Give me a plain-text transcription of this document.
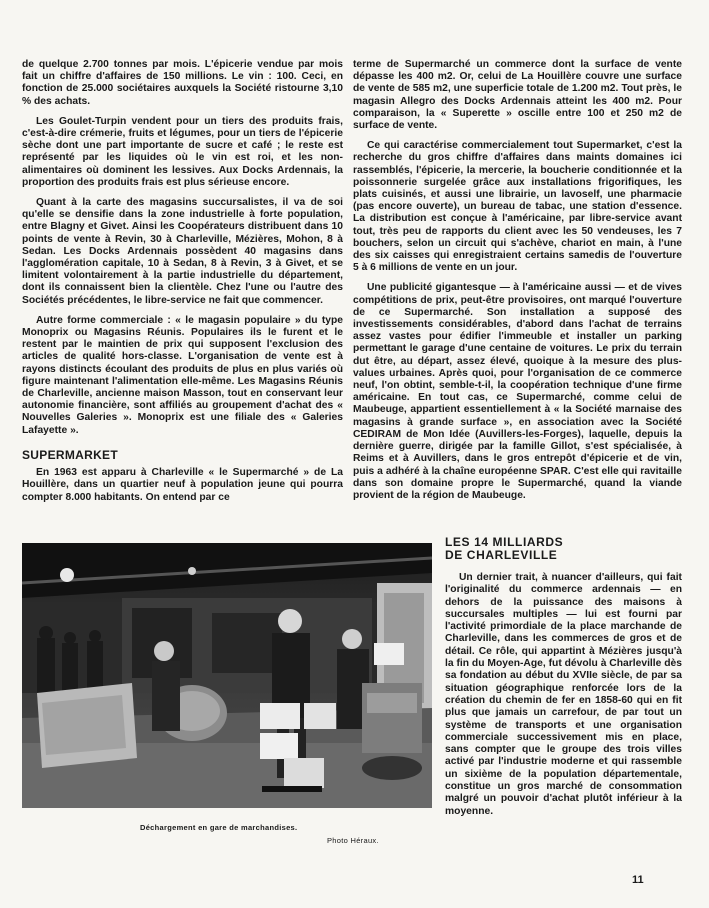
de quelque 2.700 tonnes par mois. L'épicerie vendue par mois fait un chiffre d'affaires de 150 millions. Le vin : 100. Ceci, en fonction de 25.000 sociétaires auxquels la Société ristourne 3,10 % des achats.

Les Goulet-Turpin vendent pour un tiers des produits frais, c'est-à-dire crémerie, fruits et légumes, pour un tiers de l'épicerie sèche dont une part importante de sucre et café ; le reste est représenté par les liquides où le vin est roi, et les non-alimentaires où dominent les lessives. Aux Docks Ardennais, la proportion des produits frais est plus sérieuse encore.

Quant à la carte des magasins succursalistes, il va de soi qu'elle se densifie dans la zone industrielle à forte population, entre Blagny et Givet. Ainsi les Coopérateurs distribuent dans 10 points de vente à Revin, 30 à Charleville, Mézières, Mohon, 8 à Sedan. Les Docks Ardennais possèdent 40 magasins dans l'agglomération capitale, 10 à Sedan, 8 à Revin, 3 à Givet, et se limitent volontairement à la partie industrielle du département, dont ils connaissent bien la clientèle. Chez l'une ou l'autre des Sociétés précédentes, le libre-service ne fait que commencer.

Autre forme commerciale : « le magasin populaire » du type Monoprix ou Magasins Réunis. Populaires ils le furent et le restent par le maintien de prix qui supposent l'exclusion des articles de qualité hors-classe. L'organisation de vente est à rayons distincts écoulant des produits de plus en plus variés où figure maintenant l'alimentation elle-même. Les Magasins Réunis de Charleville, ancienne maison Masson, tout en conservant leur autonomie financière, sont affiliés au groupement d'achat des « Nouvelles Galeries ». Monoprix est une filiale des « Galeries Lafayette ».

SUPERMARKET

En 1963 est apparu à Charleville « le Supermarché » de La Houillère, dans un quartier neuf à population jeune qui pourra compter 8.000 habitants. On entend par ce

terme de Supermarché un commerce dont la surface de vente dépasse les 400 m2. Or, celui de La Houillère couvre une surface de vente de 585 m2, une superficie totale de 1.200 m2. Tout près, le magasin Allegro des Docks Ardennais atteint les 400 m2. Pour comparaison, la « Superette » oscille entre 100 et 250 m2 de surface de vente.

Ce qui caractérise commercialement tout Supermarket, c'est la recherche du gros chiffre d'affaires dans maints domaines ici rassemblés, l'épicerie, la mercerie, la boucherie conditionnée et la poissonnerie surgelée grâce aux installations frigorifiques, les plats cuisinés, et aussi une librairie, un lavoself, une pharmacie (pas encore ouverte), un bureau de tabac, une station d'essence. La distribution est conçue à l'américaine, par libre-service avant tout, très peu de rapports du client avec les 50 vendeuses, les 7 bouchers, selon un circuit qui s'achève, chariot en main, à l'une des six caisses qui enregistraient certains samedis de l'ouverture 5 à 6 millions de vente en un jour.

Une publicité gigantesque — à l'américaine aussi — et de vives compétitions de prix, peut-être provisoires, ont marqué l'ouverture de ce Supermarché. Son installation a supposé des investissements considérables, d'abord dans l'achat de terrains assez vastes pour édifier l'immeuble et installer un parking permettant le garage d'une centaine de voitures. Le prix du terrain dut être, au départ, assez élevé, quoique à la mesure des plus-values urbaines. Après quoi, pour l'organisation de ce commerce neuf, l'on obtint, semble-t-il, la coopération technique d'une firme américaine. En tout cas, ce Supermarché, comme celui de Maubeuge, appartient essentiellement à « la Société marnaise des magasins à grande surface », en association avec la Société CEDIRAM de Mon Idée (Auvillers-les-Forges), laquelle, depuis la dernière guerre, dirigée par la famille Gillot, s'est spécialisée, à Reims et à Auvillers, dans le gros entrepôt d'épicerie et de vin, puis a adhéré à la chaîne européenne SPAR. C'est elle qui ravitaille dans son domaine propre le Supermarché, quand la viande provient de la région de Maubeuge.

Déchargement en gare de marchandises.
Photo Héraux.
LES 14 MILLIARDS
DE CHARLEVILLE

Un dernier trait, à nuancer d'ailleurs, qui fait l'originalité du commerce ardennais — en dehors de la puissance des maisons à succursales multiples — lui est fourni par l'activité primordiale de la place marchande de Charleville, dans les commerces de gros et de détail. Ce rôle, qui appartint à Mézières jusqu'à la fin du Moyen-Age, fut dévolu à Charleville dès sa fondation au début du XVIIe siècle, de par sa situation géographique renforcée lors de la création du chemin de fer en 1858-60 qui en fit plus que jamais un carrefour, de par tout un système de transports et une organisation commerciale successivement mis en place, sans compter que le groupe des trois villes activé par l'industrie moderne et qui rassemble un sixième de la population départementale, constitue un gros marché de consommation malgré un pouvoir d'achat plutôt inférieur à la moyenne.

11
